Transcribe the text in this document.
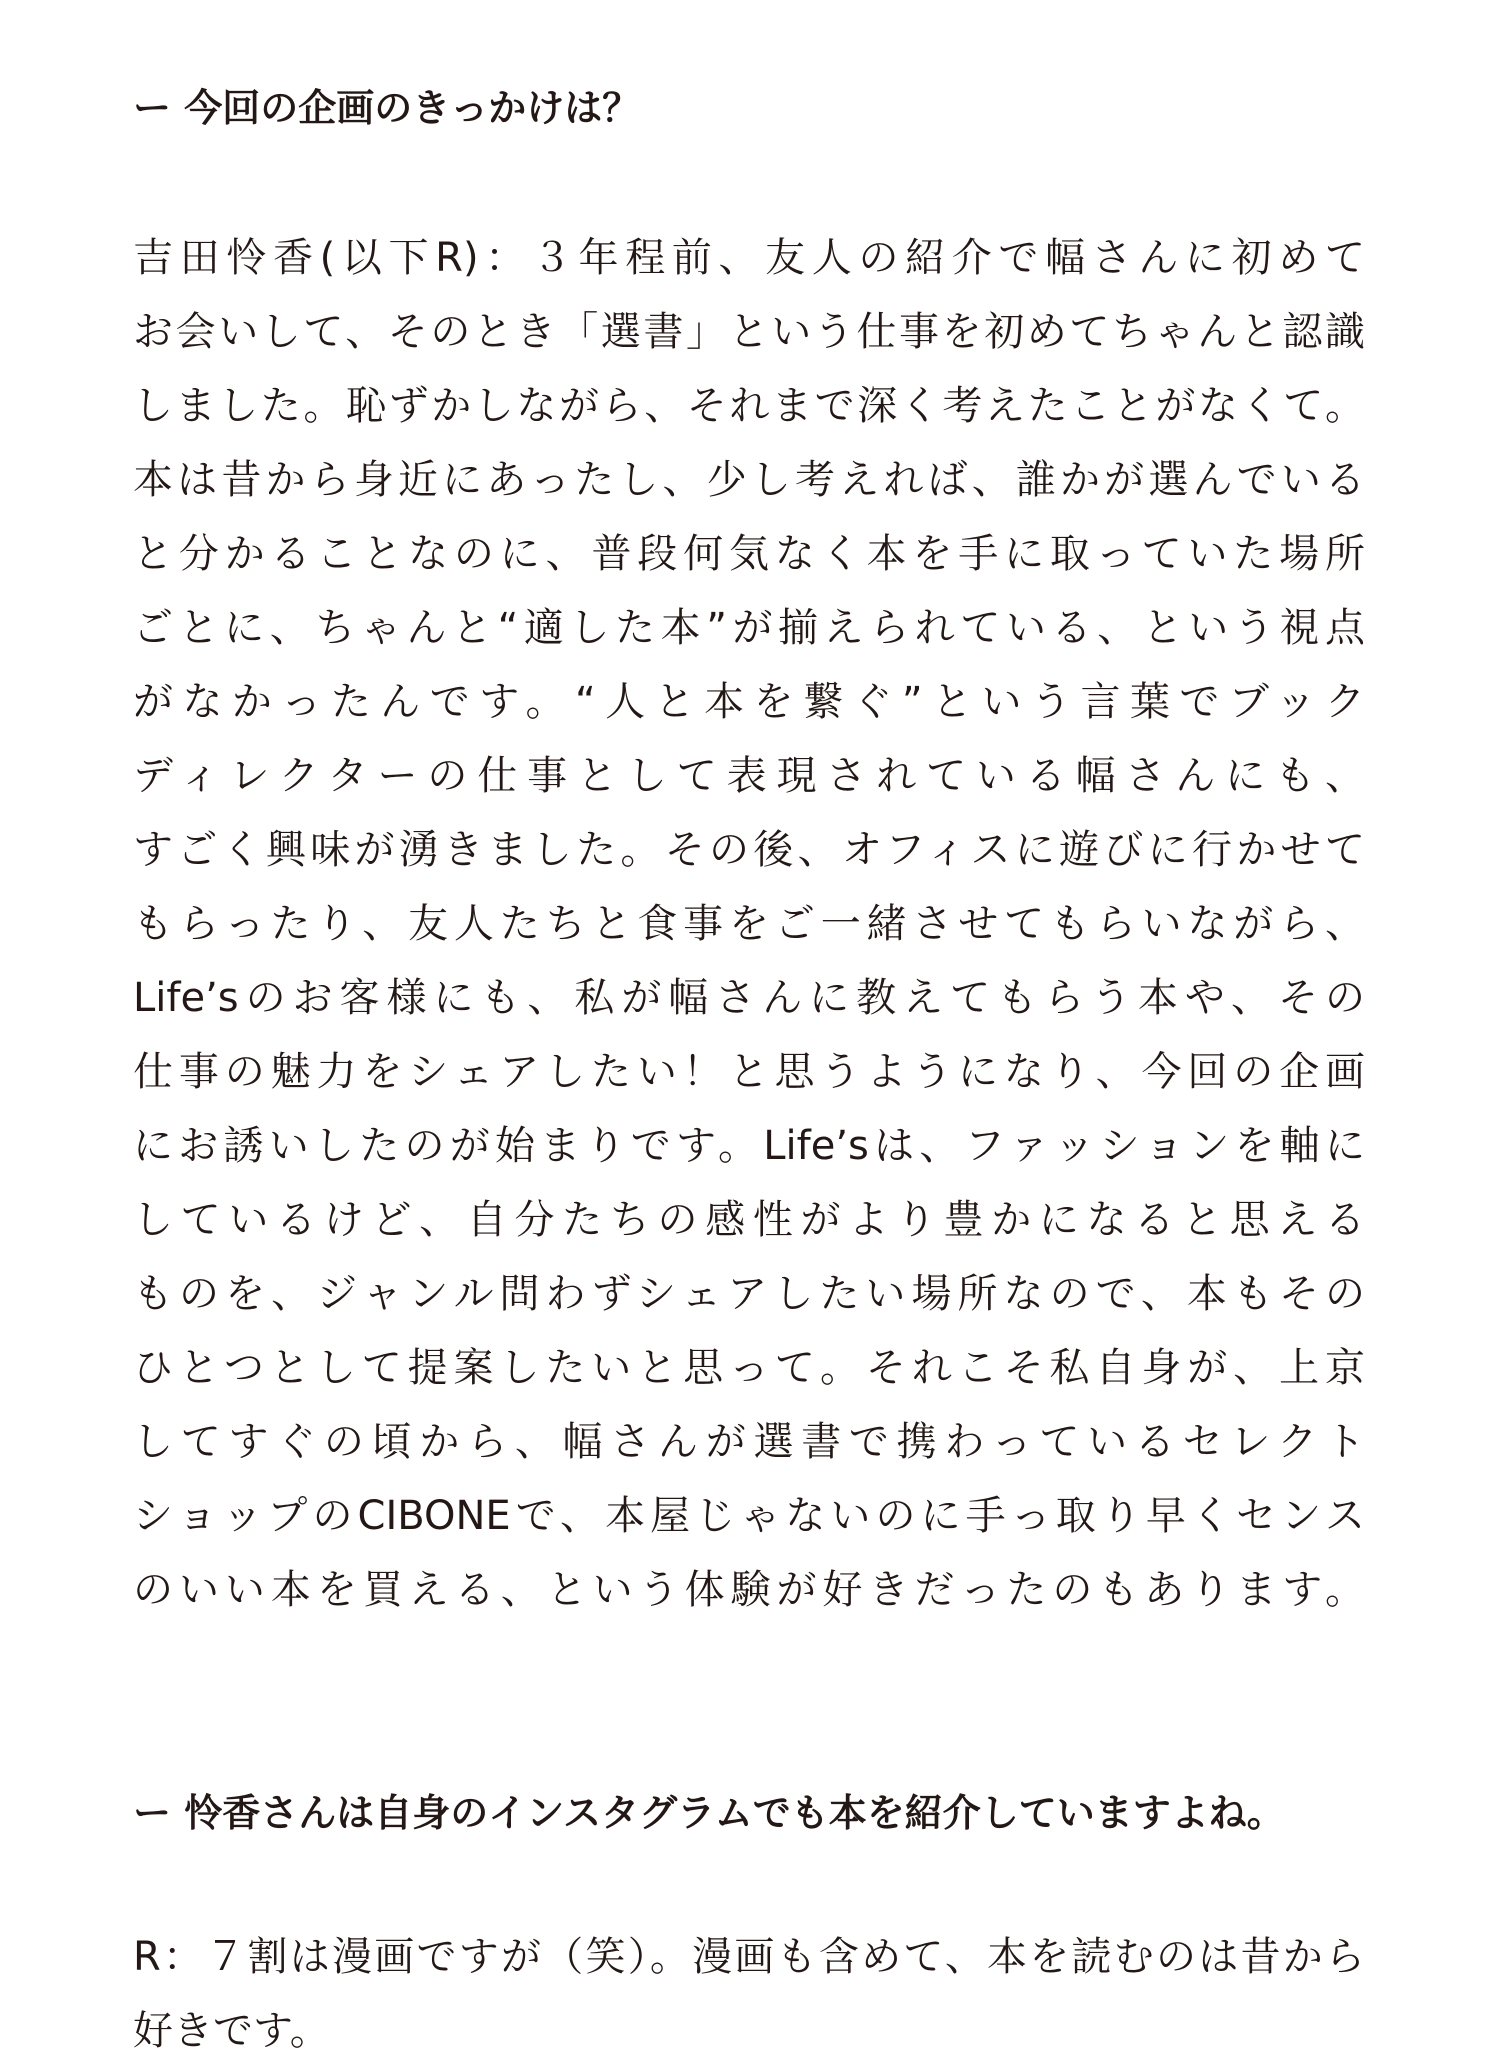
ー 今回の企画のきっかけは？
吉田怜香(以下R)：３年程前、友人の紹介で幅さんに初めて
お会いして、そのとき「選書」という仕事を初めてちゃんと認識
しました。恥ずかしながら、それまで深く考えたことがなくて。
本は昔から身近にあったし、少し考えれば、誰かが選んでいる
と分かることなのに、普段何気なく本を手に取っていた場所
ごとに、ちゃんと“適した本”が揃えられている、という視点
がなかったんです。“人と本を繋ぐ”という言葉でブック
ディレクターの仕事として表現されている幅さんにも、
すごく興味が湧きました。その後、オフィスに遊びに行かせて
もらったり、友人たちと食事をご一緒させてもらいながら、
Life’sのお客様にも、私が幅さんに教えてもらう本や、その
仕事の魅力をシェアしたい！と思うようになり、今回の企画
にお誘いしたのが始まりです。Life’sは、ファッションを軸に
しているけど、自分たちの感性がより豊かになると思える
ものを、ジャンル問わずシェアしたい場所なので、本もその
ひとつとして提案したいと思って。それこそ私自身が、上京
してすぐの頃から、幅さんが選書で携わっているセレクト
ショップのCIBONEで、本屋じゃないのに手っ取り早くセンス
のいい本を買える、という体験が好きだったのもあります。
ー 怜香さんは自身のインスタグラムでも本を紹介していますよね。
R：７割は漫画ですが（笑）。漫画も含めて、本を読むのは昔から
好きです。
